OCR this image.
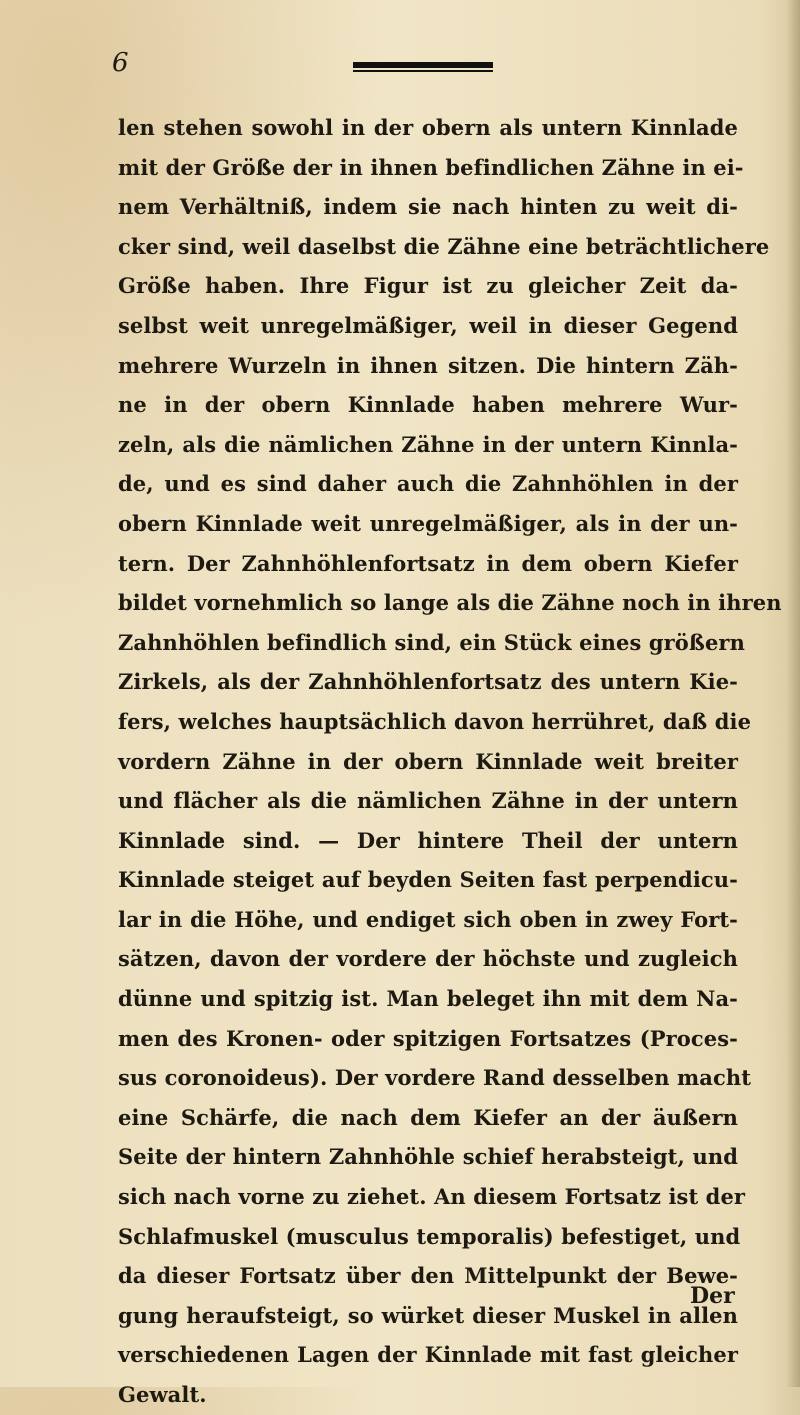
6
len stehen sowohl in der obern als untern Kinnlade
mit der Größe der in ihnen befindlichen Zähne in ei-
nem Verhältniß, indem sie nach hinten zu weit di-
cker sind, weil daselbst die Zähne eine beträchtlichere
Größe haben. Ihre Figur ist zu gleicher Zeit da-
selbst weit unregelmäßiger, weil in dieser Gegend
mehrere Wurzeln in ihnen sitzen. Die hintern Zäh-
ne in der obern Kinnlade haben mehrere Wur-
zeln, als die nämlichen Zähne in der untern Kinnla-
de, und es sind daher auch die Zahnhöhlen in der
obern Kinnlade weit unregelmäßiger, als in der un-
tern. Der Zahnhöhlenfortsatz in dem obern Kiefer
bildet vornehmlich so lange als die Zähne noch in ihren
Zahnhöhlen befindlich sind, ein Stück eines größern
Zirkels, als der Zahnhöhlenfortsatz des untern Kie-
fers, welches hauptsächlich davon herrühret, daß die
vordern Zähne in der obern Kinnlade weit breiter
und flächer als die nämlichen Zähne in der untern
Kinnlade sind. — Der hintere Theil der untern
Kinnlade steiget auf beyden Seiten fast perpendicu-
lar in die Höhe, und endiget sich oben in zwey Fort-
sätzen, davon der vordere der höchste und zugleich
dünne und spitzig ist. Man beleget ihn mit dem Na-
men des Kronen- oder spitzigen Fortsatzes (Proces-
sus coronoideus). Der vordere Rand desselben macht
eine Schärfe, die nach dem Kiefer an der äußern
Seite der hintern Zahnhöhle schief herabsteigt, und
sich nach vorne zu ziehet. An diesem Fortsatz ist der
Schlafmuskel (musculus temporalis) befestiget, und
da dieser Fortsatz über den Mittelpunkt der Bewe-
gung heraufsteigt, so würket dieser Muskel in allen
verschiedenen Lagen der Kinnlade mit fast gleicher
Gewalt.
Der
